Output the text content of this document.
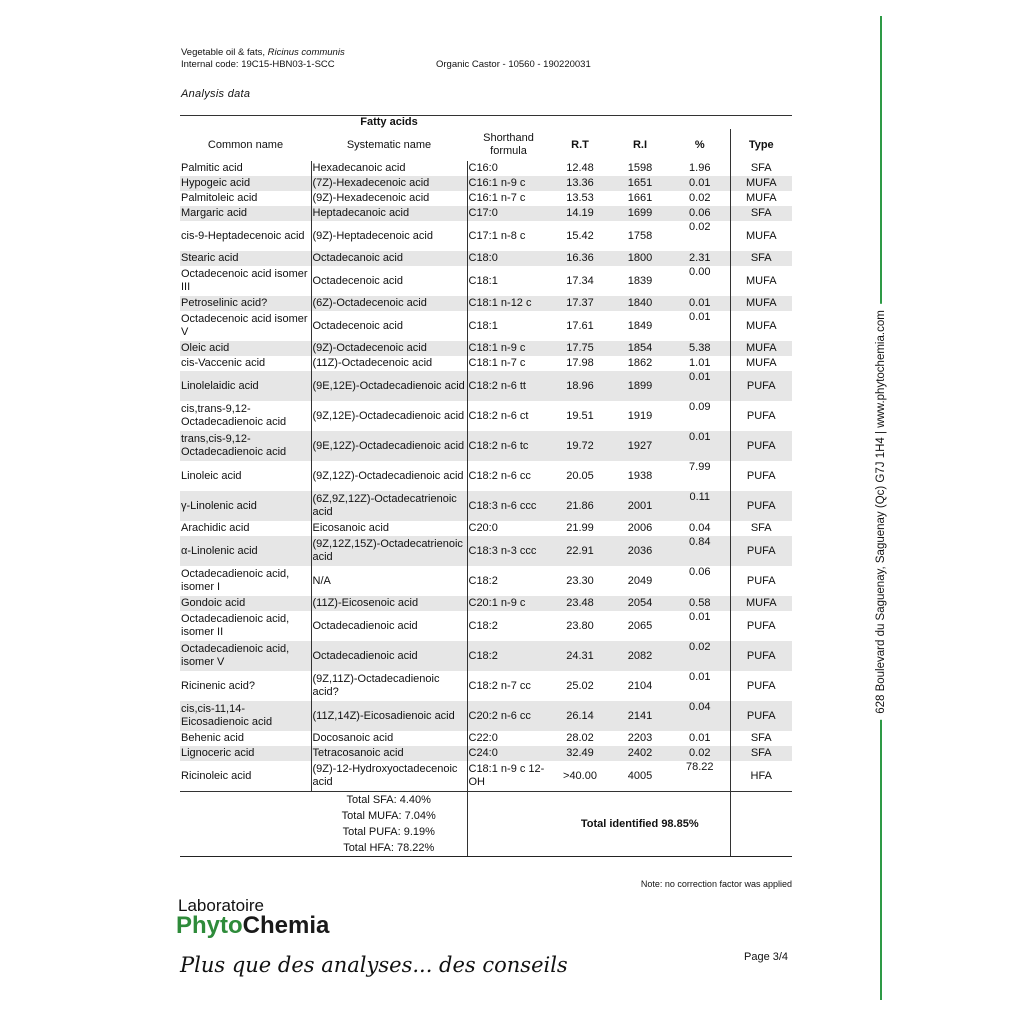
Vegetable oil & fats, Ricinus communis
Internal code: 19C15-HBN03-1-SCC	Organic Castor - 10560 - 190220031
Analysis data
	Fatty acids					
Common name	Systematic name	Shorthand formula	R.T	R.I	%	Type
Palmitic acid	Hexadecanoic acid	C16:0	12.48	1598	1.96	SFA
Hypogeic acid	(7Z)-Hexadecenoic acid	C16:1 n-9 c	13.36	1651	0.01	MUFA
Palmitoleic acid	(9Z)-Hexadecenoic acid	C16:1 n-7 c	13.53	1661	0.02	MUFA
Margaric acid	Heptadecanoic acid	C17:0	14.19	1699	0.06	SFA
cis-9-Heptadecenoic acid	(9Z)-Heptadecenoic acid	C17:1 n-8 c	15.42	1758	0.02	MUFA
Stearic acid	Octadecanoic acid	C18:0	16.36	1800	2.31	SFA
Octadecenoic acid isomer III	Octadecenoic acid	C18:1	17.34	1839	0.00	MUFA
Petroselinic acid?	(6Z)-Octadecenoic acid	C18:1 n-12 c	17.37	1840	0.01	MUFA
Octadecenoic acid isomer V	Octadecenoic acid	C18:1	17.61	1849	0.01	MUFA
Oleic acid	(9Z)-Octadecenoic acid	C18:1 n-9 c	17.75	1854	5.38	MUFA
cis-Vaccenic acid	(11Z)-Octadecenoic acid	C18:1 n-7 c	17.98	1862	1.01	MUFA
Linolelaidic acid	(9E,12E)-Octadecadienoic acid	C18:2 n-6 tt	18.96	1899	0.01	PUFA
cis,trans-9,12-Octadecadienoic acid	(9Z,12E)-Octadecadienoic acid	C18:2 n-6 ct	19.51	1919	0.09	PUFA
trans,cis-9,12-Octadecadienoic acid	(9E,12Z)-Octadecadienoic acid	C18:2 n-6 tc	19.72	1927	0.01	PUFA
Linoleic acid	(9Z,12Z)-Octadecadienoic acid	C18:2 n-6 cc	20.05	1938	7.99	PUFA
γ-Linolenic acid	(6Z,9Z,12Z)-Octadecatrienoic acid	C18:3 n-6 ccc	21.86	2001	0.11	PUFA
Arachidic acid	Eicosanoic acid	C20:0	21.99	2006	0.04	SFA
α-Linolenic acid	(9Z,12Z,15Z)-Octadecatrienoic acid	C18:3 n-3 ccc	22.91	2036	0.84	PUFA
Octadecadienoic acid, isomer I	N/A	C18:2	23.30	2049	0.06	PUFA
Gondoic acid	(11Z)-Eicosenoic acid	C20:1 n-9 c	23.48	2054	0.58	MUFA
Octadecadienoic acid, isomer II	Octadecadienoic acid	C18:2	23.80	2065	0.01	PUFA
Octadecadienoic acid, isomer V	Octadecadienoic acid	C18:2	24.31	2082	0.02	PUFA
Ricinenic acid?	(9Z,11Z)-Octadecadienoic acid?	C18:2 n-7 cc	25.02	2104	0.01	PUFA
cis,cis-11,14-Eicosadienoic acid	(11Z,14Z)-Eicosadienoic acid	C20:2 n-6 cc	26.14	2141	0.04	PUFA
Behenic acid	Docosanoic acid	C22:0	28.02	2203	0.01	SFA
Lignoceric acid	Tetracosanoic acid	C24:0	32.49	2402	0.02	SFA
Ricinoleic acid	(9Z)-12-Hydroxyoctadecenoic acid	C18:1 n-9 c 12-OH	>40.00	4005	78.22	HFA

	Total SFA: 4.40%
Total MUFA: 7.04%
Total PUFA: 9.19%
Total HFA: 78.22%		Total identified 98.85%			
Note: no correction factor was applied
Laboratoire
PhytoChemia
Plus que des analyses... des conseils	Page 3/4
628 Boulevard du Saguenay, Saguenay (Qc) G7J 1H4 | www.phytochemia.com
